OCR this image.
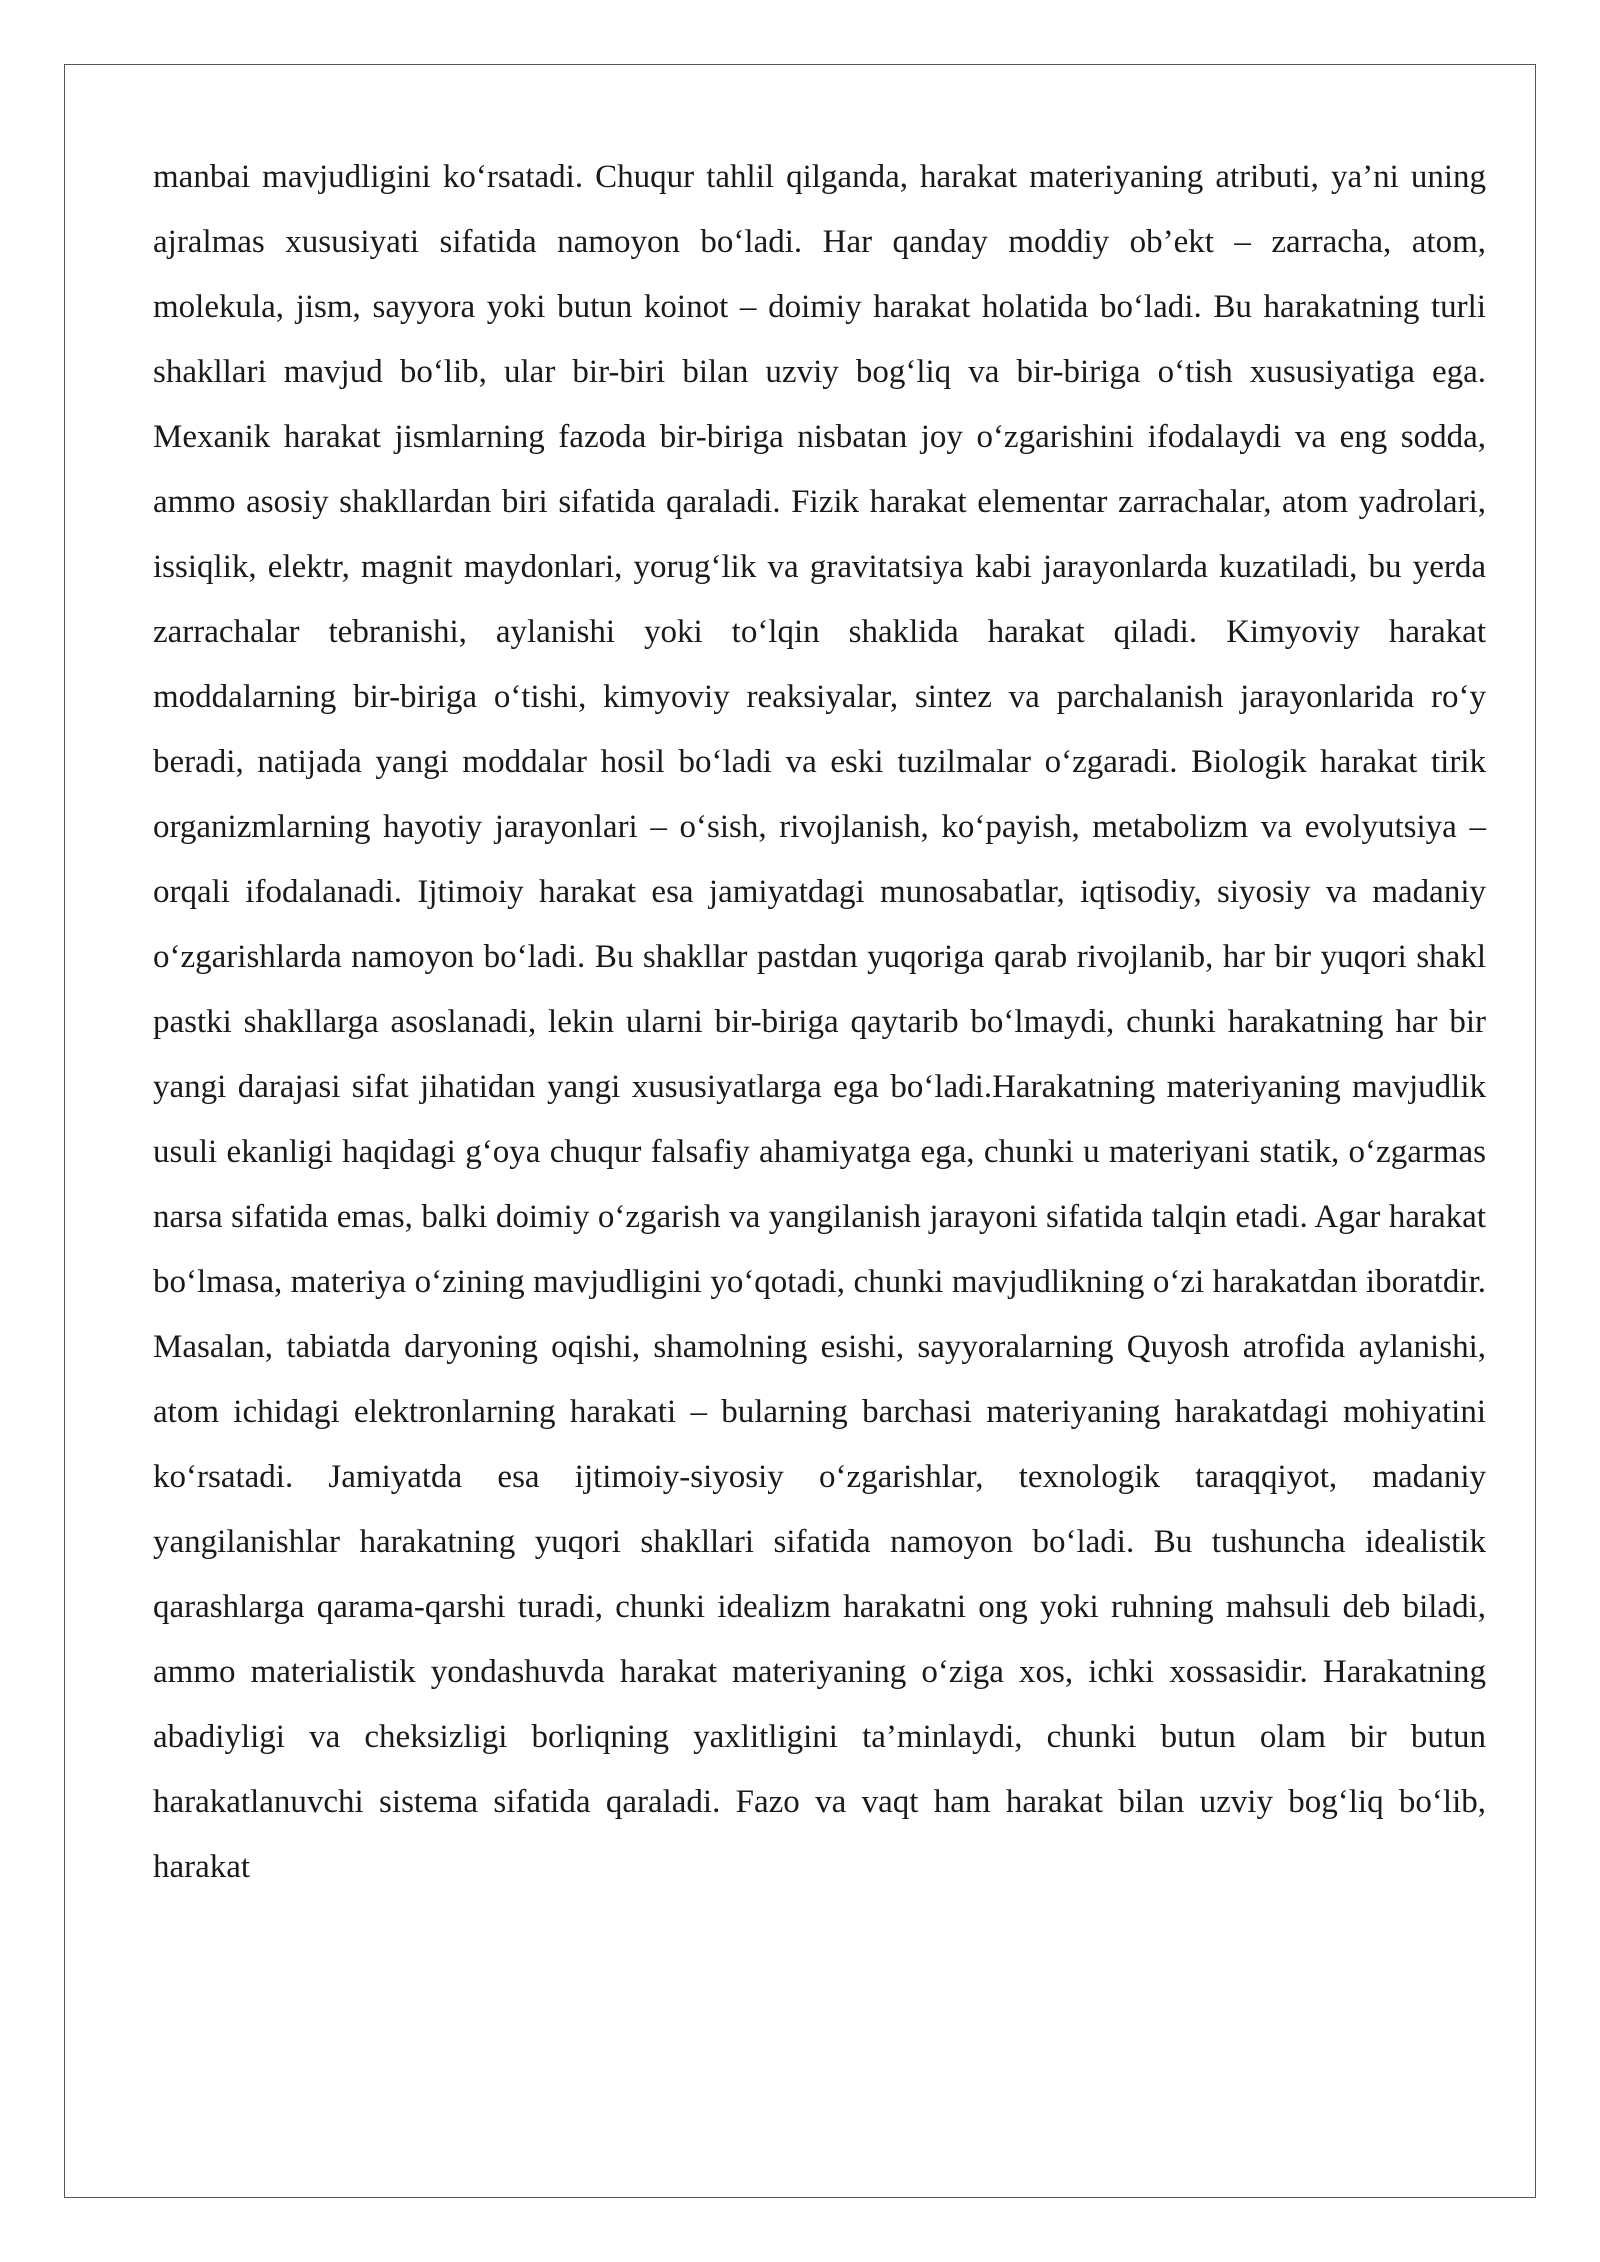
manbai mavjudligini ko‘rsatadi. Chuqur tahlil qilganda, harakat materiyaning atributi, ya’ni uning ajralmas xususiyati sifatida namoyon bo‘ladi. Har qanday moddiy ob’ekt – zarracha, atom, molekula, jism, sayyora yoki butun koinot – doimiy harakat holatida bo‘ladi. Bu harakatning turli shakllari mavjud bo‘lib, ular bir-biri bilan uzviy bog‘liq va bir-biriga o‘tish xususiyatiga ega. Mexanik harakat jismlarning fazoda bir-biriga nisbatan joy o‘zgarishini ifodalaydi va eng sodda, ammo asosiy shakllardan biri sifatida qaraladi. Fizik harakat elementar zarrachalar, atom yadrolari, issiqlik, elektr, magnit maydonlari, yorug‘lik va gravitatsiya kabi jarayonlarda kuzatiladi, bu yerda zarrachalar tebranishi, aylanishi yoki to‘lqin shaklida harakat qiladi. Kimyoviy harakat moddalarning bir-biriga o‘tishi, kimyoviy reaksiyalar, sintez va parchalanish jarayonlarida ro‘y beradi, natijada yangi moddalar hosil bo‘ladi va eski tuzilmalar o‘zgaradi. Biologik harakat tirik organizmlarning hayotiy jarayonlari – o‘sish, rivojlanish, ko‘payish, metabolizm va evolyutsiya – orqali ifodalanadi. Ijtimoiy harakat esa jamiyatdagi munosabatlar, iqtisodiy, siyosiy va madaniy o‘zgarishlarda namoyon bo‘ladi. Bu shakllar pastdan yuqoriga qarab rivojlanib, har bir yuqori shakl pastki shakllarga asoslanadi, lekin ularni bir-biriga qaytarib bo‘lmaydi, chunki harakatning har bir yangi darajasi sifat jihatidan yangi xususiyatlarga ega bo‘ladi.Harakatning materiyaning mavjudlik usuli ekanligi haqidagi g‘oya chuqur falsafiy ahamiyatga ega, chunki u materiyani statik, o‘zgarmas narsa sifatida emas, balki doimiy o‘zgarish va yangilanish jarayoni sifatida talqin etadi. Agar harakat bo‘lmasa, materiya o‘zining mavjudligini yo‘qotadi, chunki mavjudlikning o‘zi harakatdan iboratdir. Masalan, tabiatda daryoning oqishi, shamolning esishi, sayyoralarning Quyosh atrofida aylanishi, atom ichidagi elektronlarning harakati – bularning barchasi materiyaning harakatdagi mohiyatini ko‘rsatadi. Jamiyatda esa ijtimoiy-siyosiy o‘zgarishlar, texnologik taraqqiyot, madaniy yangilanishlar harakatning yuqori shakllari sifatida namoyon bo‘ladi. Bu tushuncha idealistik qarashlarga qarama-qarshi turadi, chunki idealizm harakatni ong yoki ruhning mahsuli deb biladi, ammo materialistik yondashuvda harakat materiyaning o‘ziga xos, ichki xossasidir. Harakatning abadiyligi va cheksizligi borliqning yaxlitligini ta’minlaydi, chunki butun olam bir butun harakatlanuvchi sistema sifatida qaraladi. Fazo va vaqt ham harakat bilan uzviy bog‘liq bo‘lib, harakat
